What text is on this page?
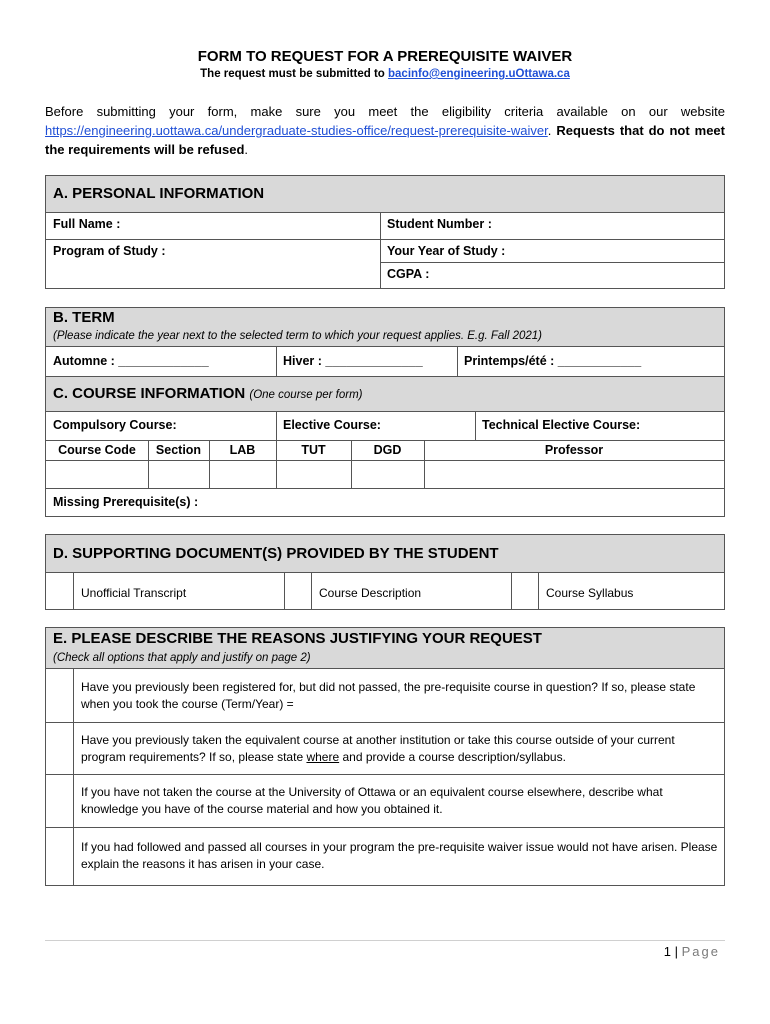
FORM TO REQUEST FOR A PREREQUISITE WAIVER
The request must be submitted to bacinfo@engineering.uOttawa.ca
Before submitting your form, make sure you meet the eligibility criteria available on our website https://engineering.uottawa.ca/undergraduate-studies-office/request-prerequisite-waiver. Requests that do not meet the requirements will be refused.
A. PERSONAL INFORMATION
Full Name :	Student Number :
Program of Study :	Your Year of Study :
CGPA :
B. TERM
(Please indicate the year next to the selected term to which your request applies. E.g. Fall 2021)
Automne : _____________	Hiver : ______________	Printemps/été : ____________
C. COURSE INFORMATION (One course per form)
Compulsory Course:	Elective Course:	Technical Elective Course:
Course Code	Section	LAB	TUT	DGD	Professor
Missing Prerequisite(s) :
D. SUPPORTING DOCUMENT(S) PROVIDED BY THE STUDENT
Unofficial Transcript	Course Description	Course Syllabus
E. PLEASE DESCRIBE THE REASONS JUSTIFYING YOUR REQUEST
(Check all options that apply and justify on page 2)
Have you previously been registered for, but did not passed, the pre-requisite course in question? If so, please state when you took the course (Term/Year) =
Have you previously taken the equivalent course at another institution or take this course outside of your current program requirements? If so, please state where and provide a course description/syllabus.
If you have not taken the course at the University of Ottawa or an equivalent course elsewhere, describe what knowledge you have of the course material and how you obtained it.
If you had followed and passed all courses in your program the pre-requisite waiver issue would not have arisen. Please explain the reasons it has arisen in your case.
1 | Page
